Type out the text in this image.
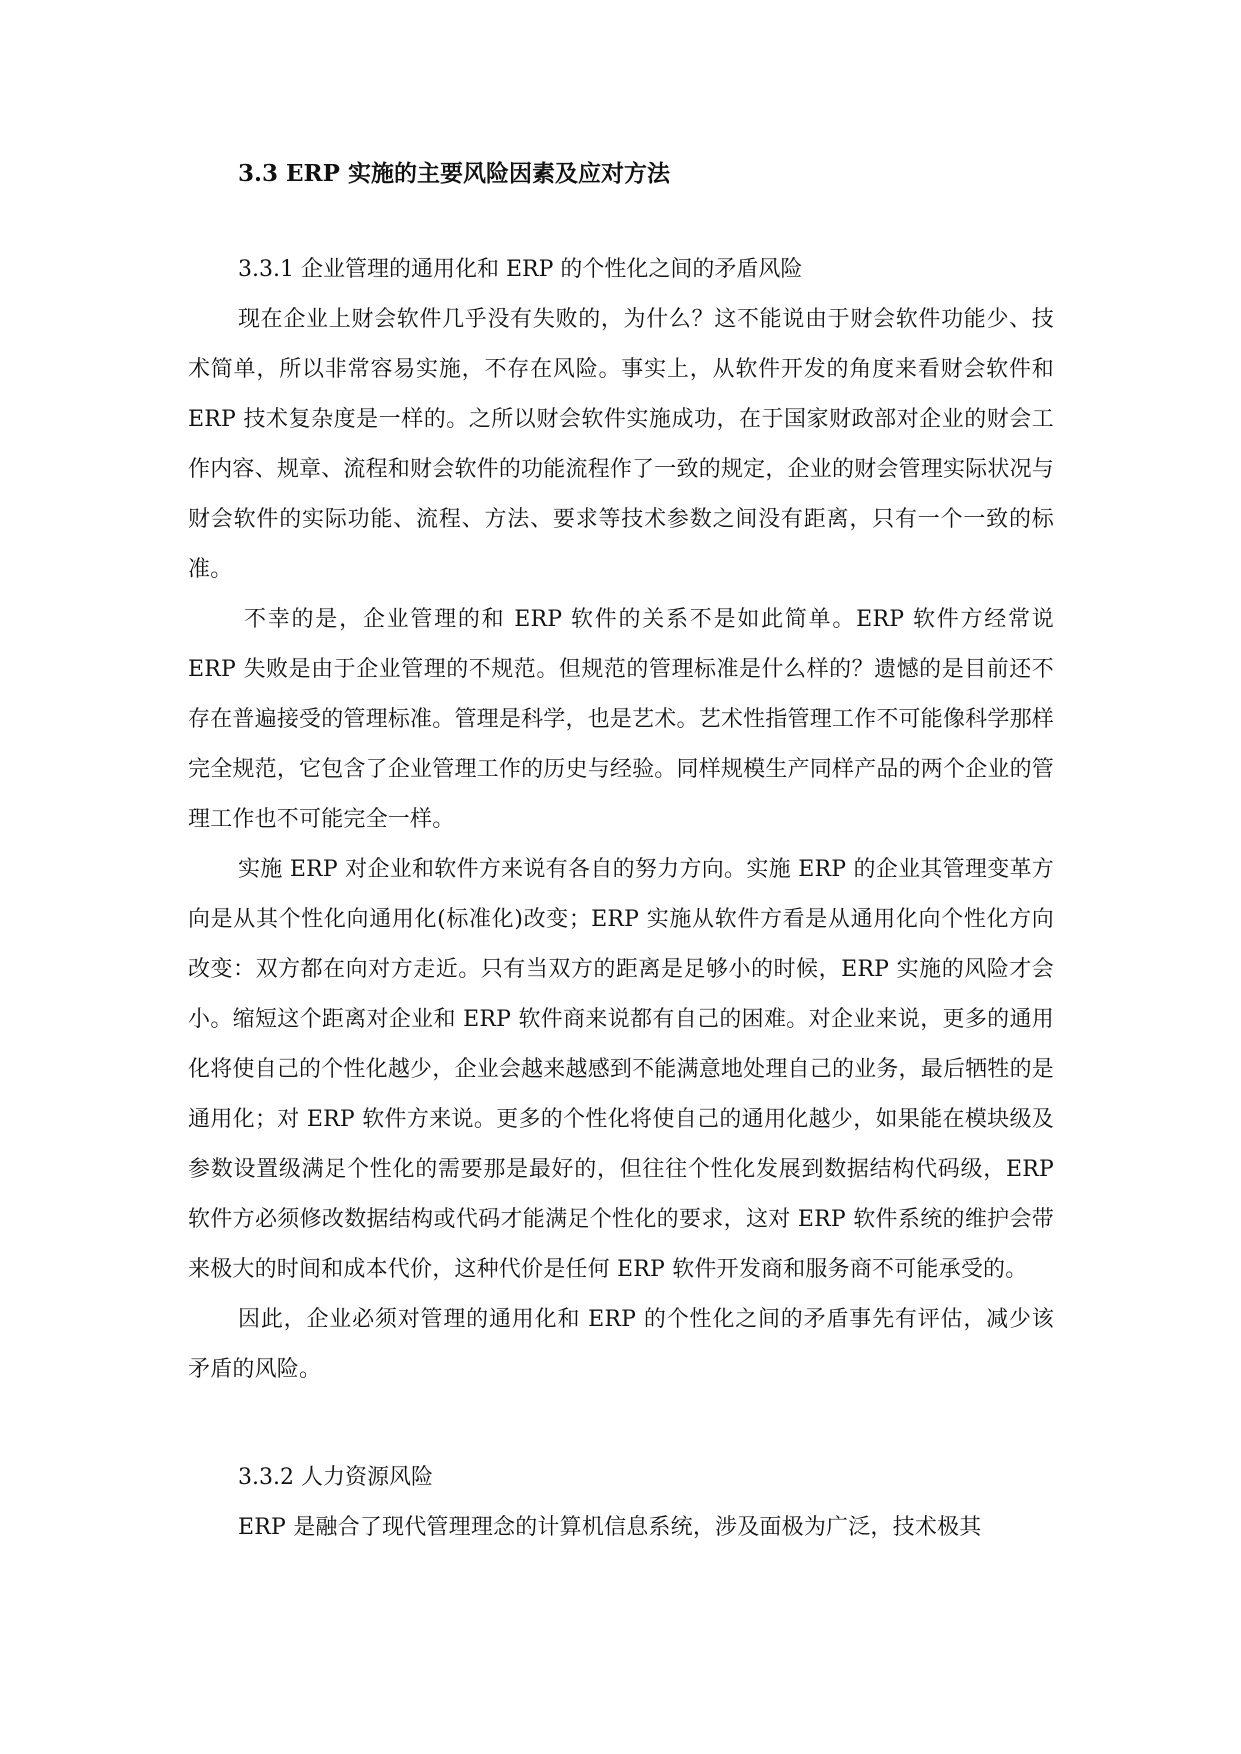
3.3 ERP 实施的主要风险因素及应对方法
3.3.1 企业管理的通用化和 ERP 的个性化之间的矛盾风险

现在企业上财会软件几乎没有失败的，为什么？这不能说由于财会软件功能少、技术简单，所以非常容易实施，不存在风险。事实上，从软件开发的角度来看财会软件和 ERP 技术复杂度是一样的。之所以财会软件实施成功，在于国家财政部对企业的财会工作内容、规章、流程和财会软件的功能流程作了一致的规定，企业的财会管理实际状况与财会软件的实际功能、流程、方法、要求等技术参数之间没有距离，只有一个一致的标准。

不幸的是，企业管理的和 ERP 软件的关系不是如此简单。ERP 软件方经常说 ERP 失败是由于企业管理的不规范。但规范的管理标准是什么样的？遗憾的是目前还不存在普遍接受的管理标准。管理是科学，也是艺术。艺术性指管理工作不可能像科学那样完全规范，它包含了企业管理工作的历史与经验。同样规模生产同样产品的两个企业的管理工作也不可能完全一样。

实施 ERP 对企业和软件方来说有各自的努力方向。实施 ERP 的企业其管理变革方向是从其个性化向通用化(标准化)改变；ERP 实施从软件方看是从通用化向个性化方向改变：双方都在向对方走近。只有当双方的距离是足够小的时候，ERP 实施的风险才会小。缩短这个距离对企业和 ERP 软件商来说都有自己的困难。对企业来说，更多的通用化将使自己的个性化越少，企业会越来越感到不能满意地处理自己的业务，最后牺牲的是通用化；对 ERP 软件方来说。更多的个性化将使自己的通用化越少，如果能在模块级及参数设置级满足个性化的需要那是最好的，但往往个性化发展到数据结构代码级，ERP 软件方必须修改数据结构或代码才能满足个性化的要求，这对 ERP 软件系统的维护会带来极大的时间和成本代价，这种代价是任何 ERP 软件开发商和服务商不可能承受的。

因此，企业必须对管理的通用化和 ERP 的个性化之间的矛盾事先有评估，减少该矛盾的风险。

3.3.2 人力资源风险

ERP 是融合了现代管理理念的计算机信息系统，涉及面极为广泛，技术极其
